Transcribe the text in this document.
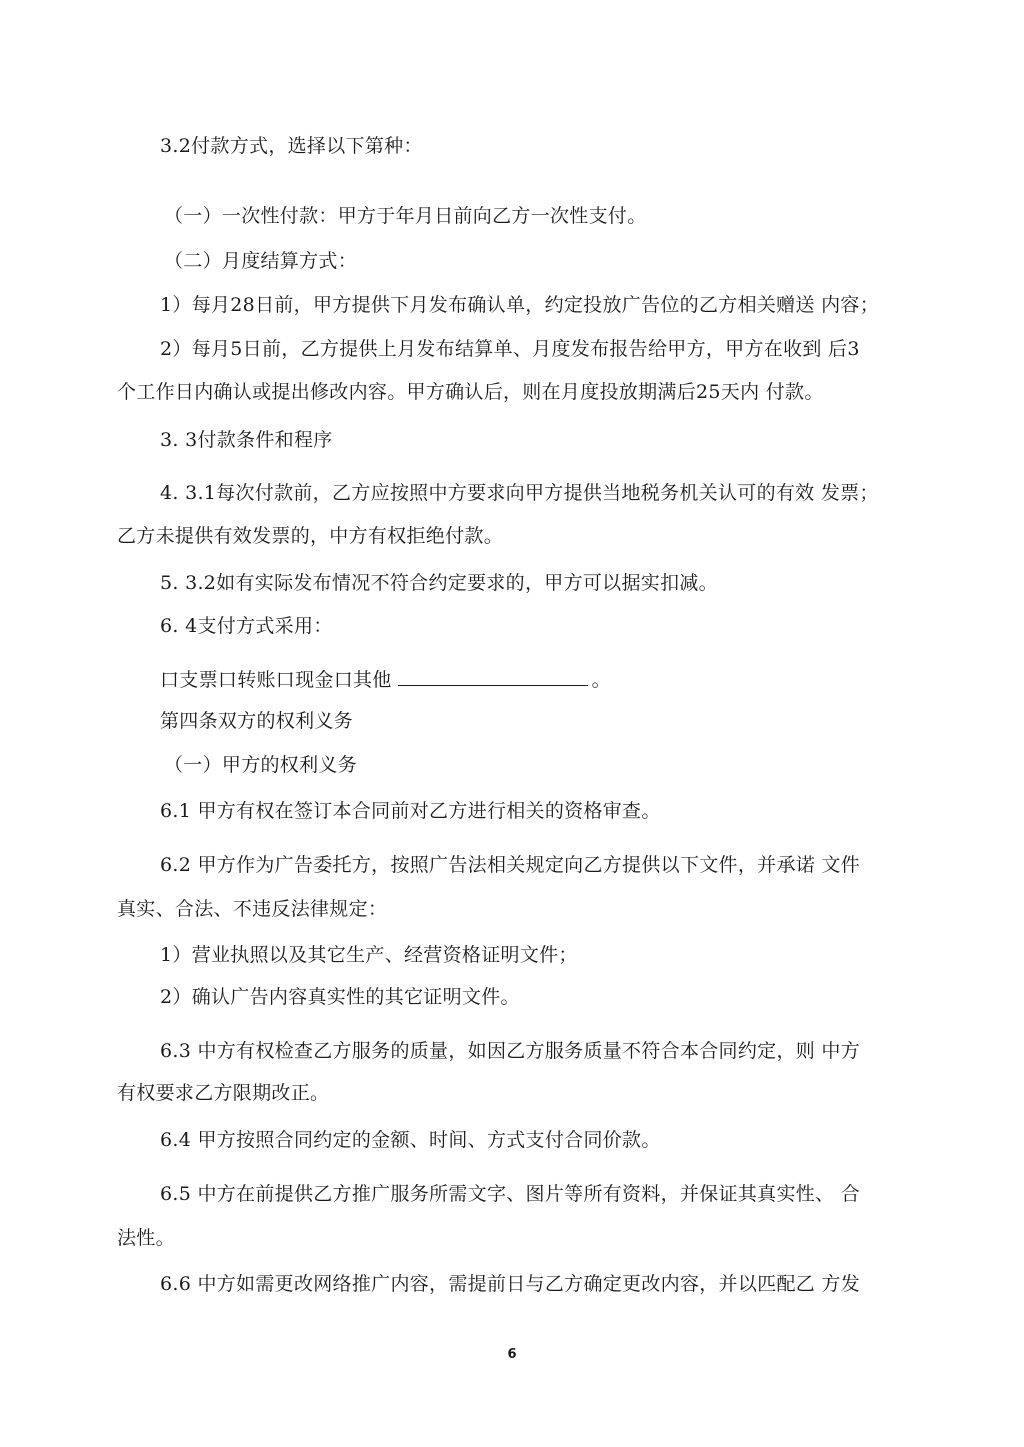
3.2付款方式，选择以下第种：
（一）一次性付款：甲方于年月日前向乙方一次性支付。
（二）月度结算方式：
1）每月28日前，甲方提供下月发布确认单，约定投放广告位的乙方相关赠送 内容；
2）每月5日前，乙方提供上月发布结算单、月度发布报告给甲方，甲方在收到 后3
个工作日内确认或提出修改内容。甲方确认后，则在月度投放期满后25天内 付款。
3. 3付款条件和程序
4. 3.1每次付款前，乙方应按照中方要求向甲方提供当地税务机关认可的有效 发票；
乙方未提供有效发票的，中方有权拒绝付款。
5. 3.2如有实际发布情况不符合约定要求的，甲方可以据实扣减。
6. 4支付方式采用：
口支票口转账口现金口其他	。
第四条双方的权利义务
（一）甲方的权利义务
6.1 甲方有权在签订本合同前对乙方进行相关的资格审查。
6.2 甲方作为广告委托方，按照广告法相关规定向乙方提供以下文件，并承诺 文件
真实、合法、不违反法律规定：
1）营业执照以及其它生产、经营资格证明文件；
2）确认广告内容真实性的其它证明文件。
6.3 中方有权检查乙方服务的质量，如因乙方服务质量不符合本合同约定，则 中方
有权要求乙方限期改正。
6.4 甲方按照合同约定的金额、时间、方式支付合同价款。
6.5 中方在前提供乙方推广服务所需文字、图片等所有资料，并保证其真实性、 合
法性。
6.6 中方如需更改网络推广内容，需提前日与乙方确定更改内容，并以匹配乙 方发
6
